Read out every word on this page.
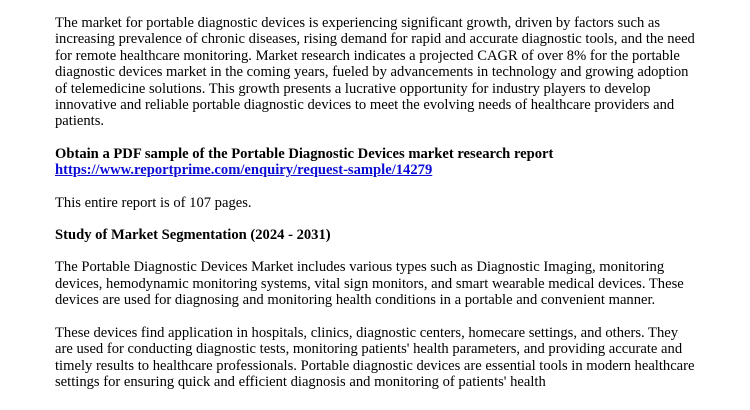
The market for portable diagnostic devices is experiencing significant growth, driven by factors such as increasing prevalence of chronic diseases, rising demand for rapid and accurate diagnostic tools, and the need for remote healthcare monitoring. Market research indicates a projected CAGR of over 8% for the portable diagnostic devices market in the coming years, fueled by advancements in technology and growing adoption of telemedicine solutions. This growth presents a lucrative opportunity for industry players to develop innovative and reliable portable diagnostic devices to meet the evolving needs of healthcare providers and patients.

Obtain a PDF sample of the Portable Diagnostic Devices market research report https://www.reportprime.com/enquiry/request-sample/14279

This entire report is of 107 pages.

Study of Market Segmentation (2024 - 2031)

The Portable Diagnostic Devices Market includes various types such as Diagnostic Imaging, monitoring devices, hemodynamic monitoring systems, vital sign monitors, and smart wearable medical devices. These devices are used for diagnosing and monitoring health conditions in a portable and convenient manner.

These devices find application in hospitals, clinics, diagnostic centers, homecare settings, and others. They are used for conducting diagnostic tests, monitoring patients' health parameters, and providing accurate and timely results to healthcare professionals. Portable diagnostic devices are essential tools in modern healthcare settings for ensuring quick and efficient diagnosis and monitoring of patients' health
